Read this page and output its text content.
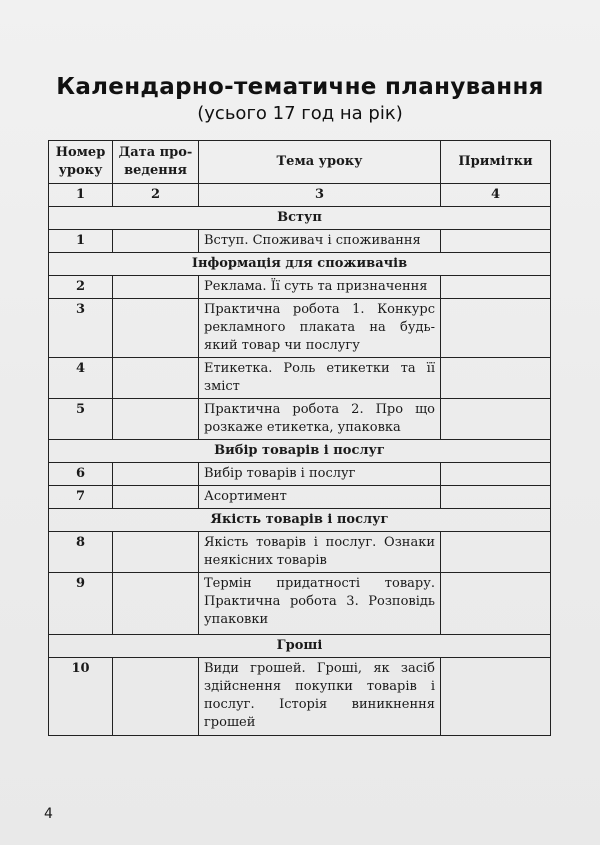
Календарно-тематичне планування
(усього 17 год на рік)
Номер уроку	Дата про-ведення	Тема уроку	Примітки
1	2	3	4
Вступ			
1		Вступ. Споживач і споживання	
Інформація для споживачів			
2		Реклама. Її суть та призначення	
3		Практична робота 1. Конкурс рекламного плаката на будь-який товар чи послугу	
4		Етикетка. Роль етикетки та її зміст	
5		Практична робота 2. Про що розкаже етикетка, упаковка	
Вибір товарів і послуг			
6		Вибір товарів і послуг	
7		Асортимент	
Якість товарів і послуг			
8		Якість товарів і послуг. Ознаки неякісних товарів	
9		Термін придатності товару. Практична робота 3. Розповідь упаковки	
Гроші			
10		Види грошей. Гроші, як засіб здійснення покупки товарів і послуг. Історія виникнення грошей	
4
